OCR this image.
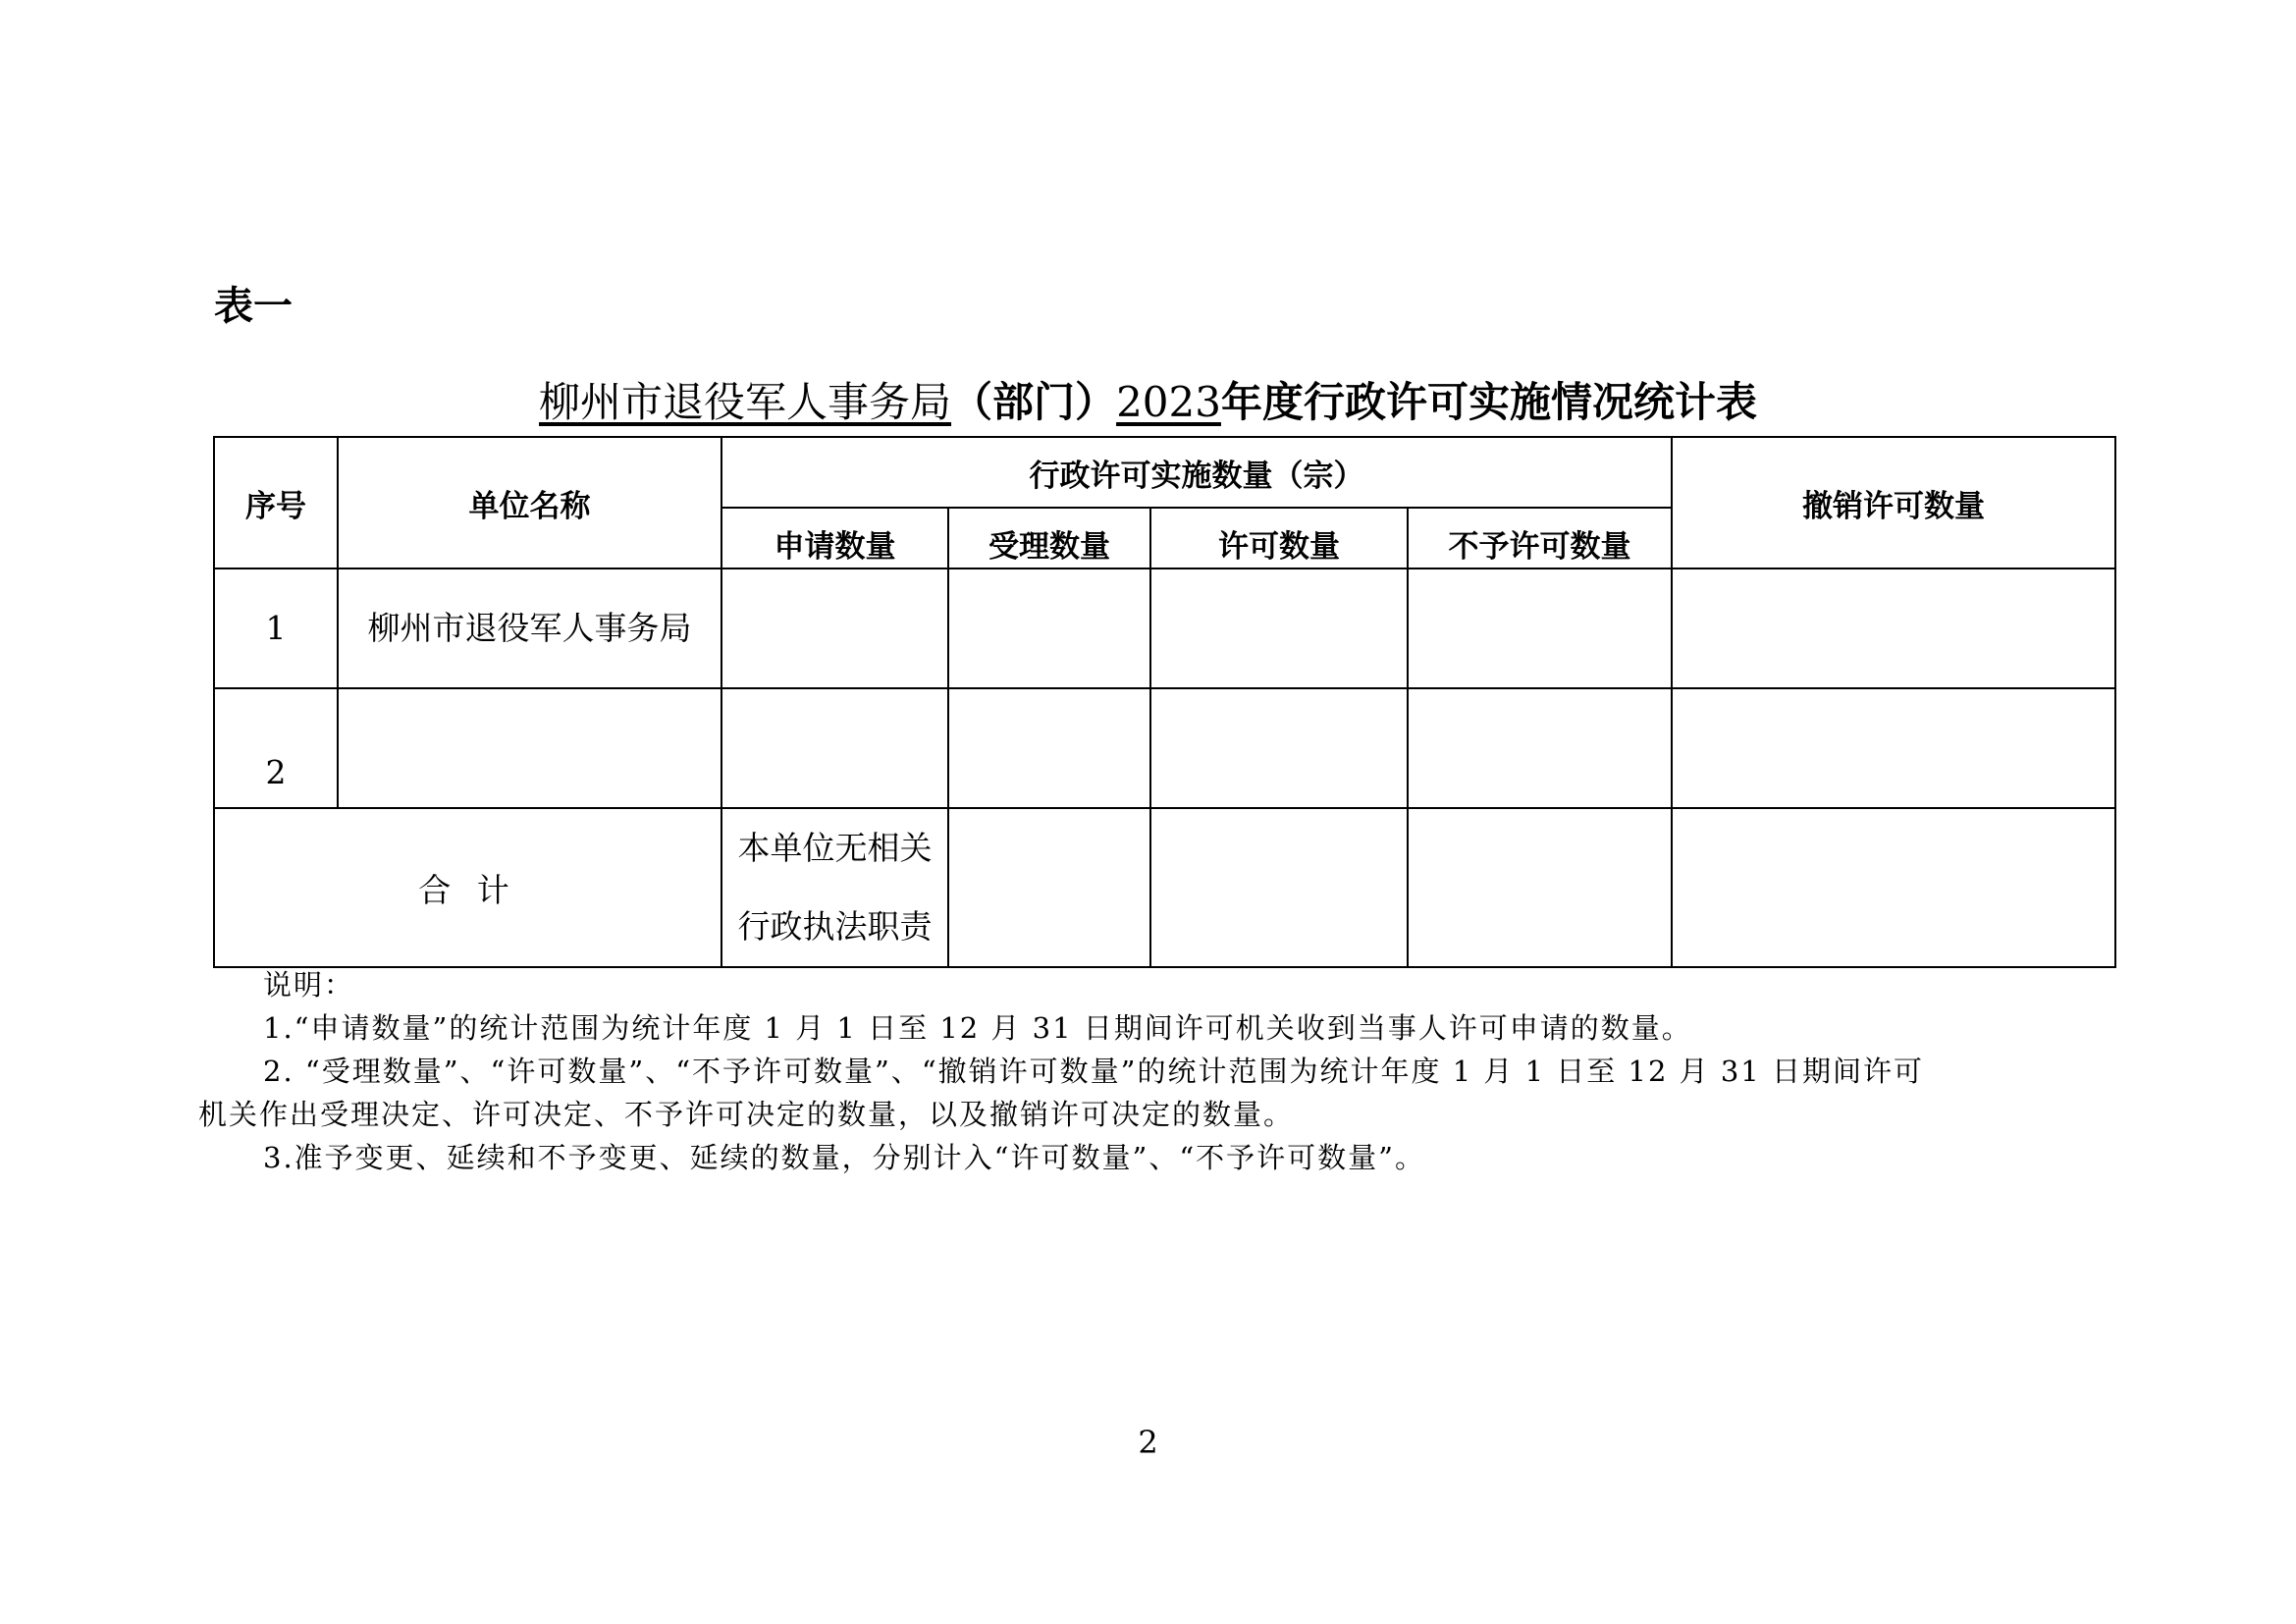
表一
柳州市退役军人事务局（部门）2023年度行政许可实施情况统计表
序号	单位名称	行政许可实施数量（宗）				撤销许可数量
		申请数量	受理数量	许可数量	不予许可数量	
1	柳州市退役军人事务局					
2						
合 计		本单位无相关
行政执法职责				

说明：

1.“申请数量”的统计范围为统计年度 1 月 1 日至 12 月 31 日期间许可机关收到当事人许可申请的数量。

2. “受理数量”、“许可数量”、“不予许可数量”、“撤销许可数量”的统计范围为统计年度 1 月 1 日至 12 月 31 日期间许可

机关作出受理决定、许可决定、不予许可决定的数量，以及撤销许可决定的数量。

3.准予变更、延续和不予变更、延续的数量，分别计入“许可数量”、“不予许可数量”。

2
